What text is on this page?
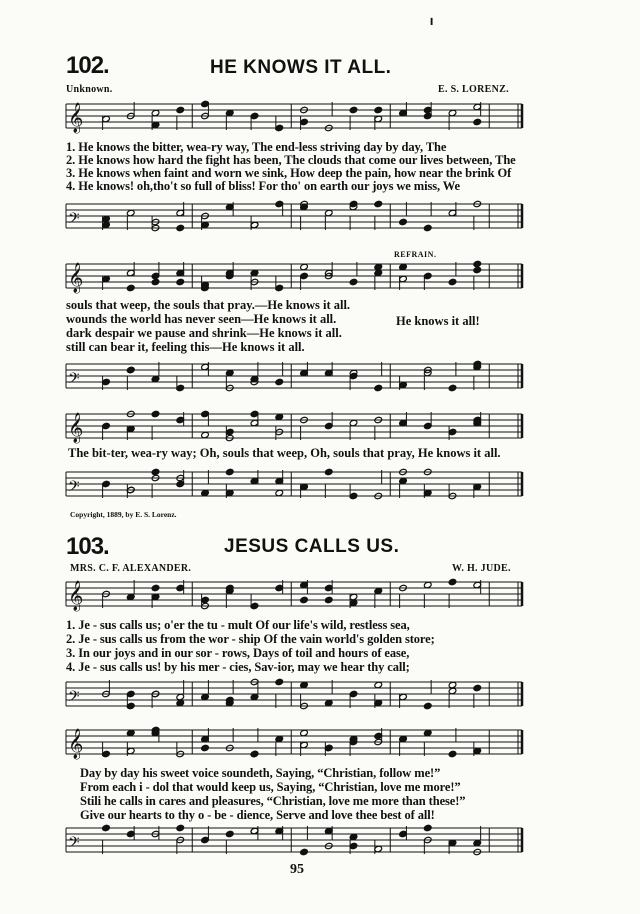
102.	HE KNOWS IT ALL.
╹
Unknown.	E. S. LORENZ.
𝄞
1. He knows the bitter, wea-ry way, The end-less striving day by day, The
2. He knows how hard the fight has been, The clouds that come our lives between, The
3. He knows when faint and worn we sink, How deep the pain, how near the brink Of
4. He knows! oh,tho't so full of bliss! For tho' on earth our joys we miss, We
𝄢
𝄞
REFRAIN.
souls that weep, the souls that pray.—He knows it all.
wounds the world has never seen—He knows it all.	He knows it all!
dark despair we pause and shrink—He knows it all.
still can bear it, feeling this—He knows it all.
𝄢
𝄞
The bit-ter, wea-ry way; Oh, souls that weep, Oh, souls that pray, He knows it all.
𝄢
Copyright, 1889, by E. S. Lorenz.
103.	JESUS CALLS US.
MRS. C. F. ALEXANDER.	W. H. JUDE.
𝄞
1. Je - sus calls us; o'er the tu - mult Of our life's wild, restless sea,
2. Je - sus calls us from the wor - ship Of the vain world's golden store;
3. In our joys and in our sor - rows, Days of toil and hours of ease,
4. Je - sus calls us! by his mer - cies, Sav-ior, may we hear thy call;
𝄢
𝄞
Day by day his sweet voice soundeth, Saying, “Christian, follow me!”
From each i - dol that would keep us, Saying, “Christian, love me more!”
Stili he calls in cares and pleasures, “Christian, love me more than these!”
Give our hearts to thy o - be - dience, Serve and love thee best of all!
𝄢
95
